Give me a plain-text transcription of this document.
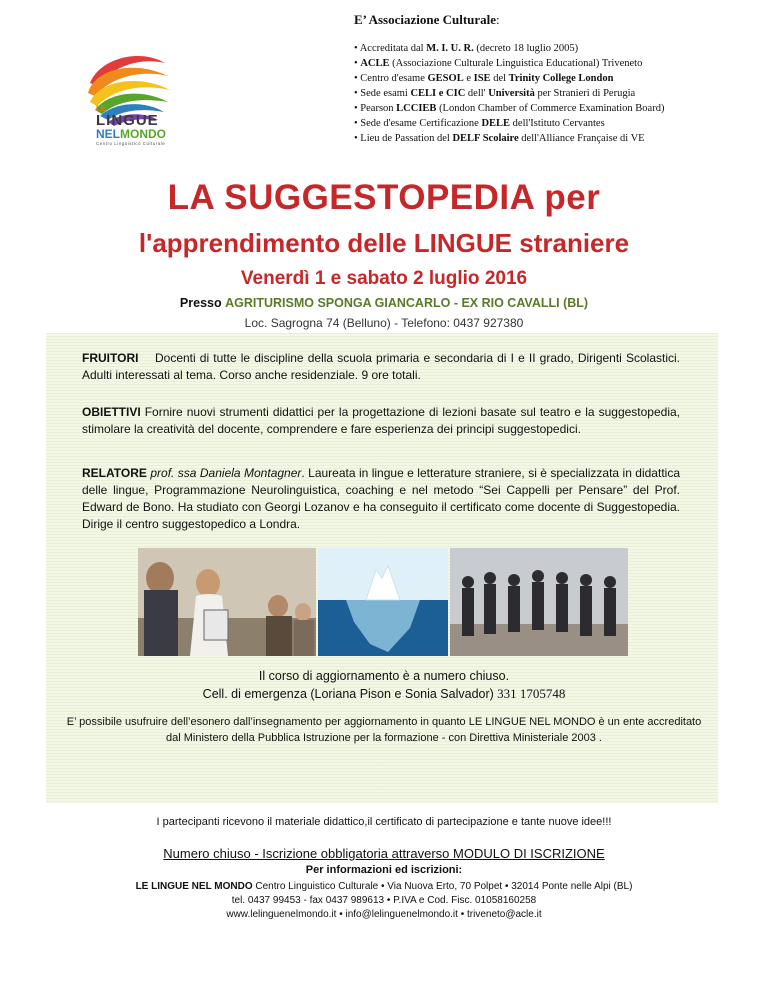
LE
LINGUE
NELMONDO
Centro Linguistico Culturale
E’ Associazione Culturale:
• Accreditata dal M. I. U. R. (decreto 18 luglio 2005)
• ACLE (Associazione Culturale Linguistica Educational) Triveneto
• Centro d'esame GESOL e ISE del Trinity College London
• Sede esami CELI e CIC dell' Università per Stranieri di Perugia
• Pearson LCCIEB (London Chamber of Commerce Examination Board)
• Sede d'esame Certificazione DELE dell'Istituto Cervantes
• Lieu de Passation del DELF Scolaire dell'Alliance Française di VE
LA SUGGESTOPEDIA per
l'apprendimento delle LINGUE straniere
Venerdì 1 e sabato 2 luglio 2016
Presso AGRITURISMO SPONGA GIANCARLO - EX RIO CAVALLI (BL)
Loc. Sagrogna 74 (Belluno) - Telefono: 0437 927380
FRUITORI Docenti di tutte le discipline della scuola primaria e secondaria di I e II grado, Dirigenti Scolastici. Adulti interessati al tema. Corso anche residenziale. 9 ore totali.
OBIETTIVI Fornire nuovi strumenti didattici per la progettazione di lezioni basate sul teatro e la suggestopedia, stimolare la creatività del docente, comprendere e fare esperienza dei principi suggestopedici.
RELATORE prof. ssa Daniela Montagner. Laureata in lingue e letterature straniere, si è specializzata in didattica delle lingue, Programmazione Neurolinguistica, coaching e nel metodo “Sei Cappelli per Pensare” del Prof. Edward de Bono. Ha studiato con Georgi Lozanov e ha conseguito il certificato come docente di Suggestopedia. Dirige il centro suggestopedico a Londra.
Il corso di aggiornamento è a numero chiuso.
Cell. di emergenza (Loriana Pison e Sonia Salvador) 331 1705748
E’ possibile usufruire dell’esonero dall’insegnamento per aggiornamento in quanto LE LINGUE NEL MONDO è un ente accreditato dal Ministero della Pubblica Istruzione per la formazione - con Direttiva Ministeriale 2003 .
I partecipanti ricevono il materiale didattico,il certificato di partecipazione e tante nuove idee!!!
Numero chiuso - Iscrizione obbligatoria attraverso MODULO DI ISCRIZIONE
Per informazioni ed iscrizioni:
LE LINGUE NEL MONDO Centro Linguistico Culturale • Via Nuova Erto, 70 Polpet • 32014 Ponte nelle Alpi (BL)
tel. 0437 99453 - fax 0437 989613 • P.IVA e Cod. Fisc. 01058160258
www.lelinguenelmondo.it • info@lelinguenelmondo.it • triveneto@acle.it
